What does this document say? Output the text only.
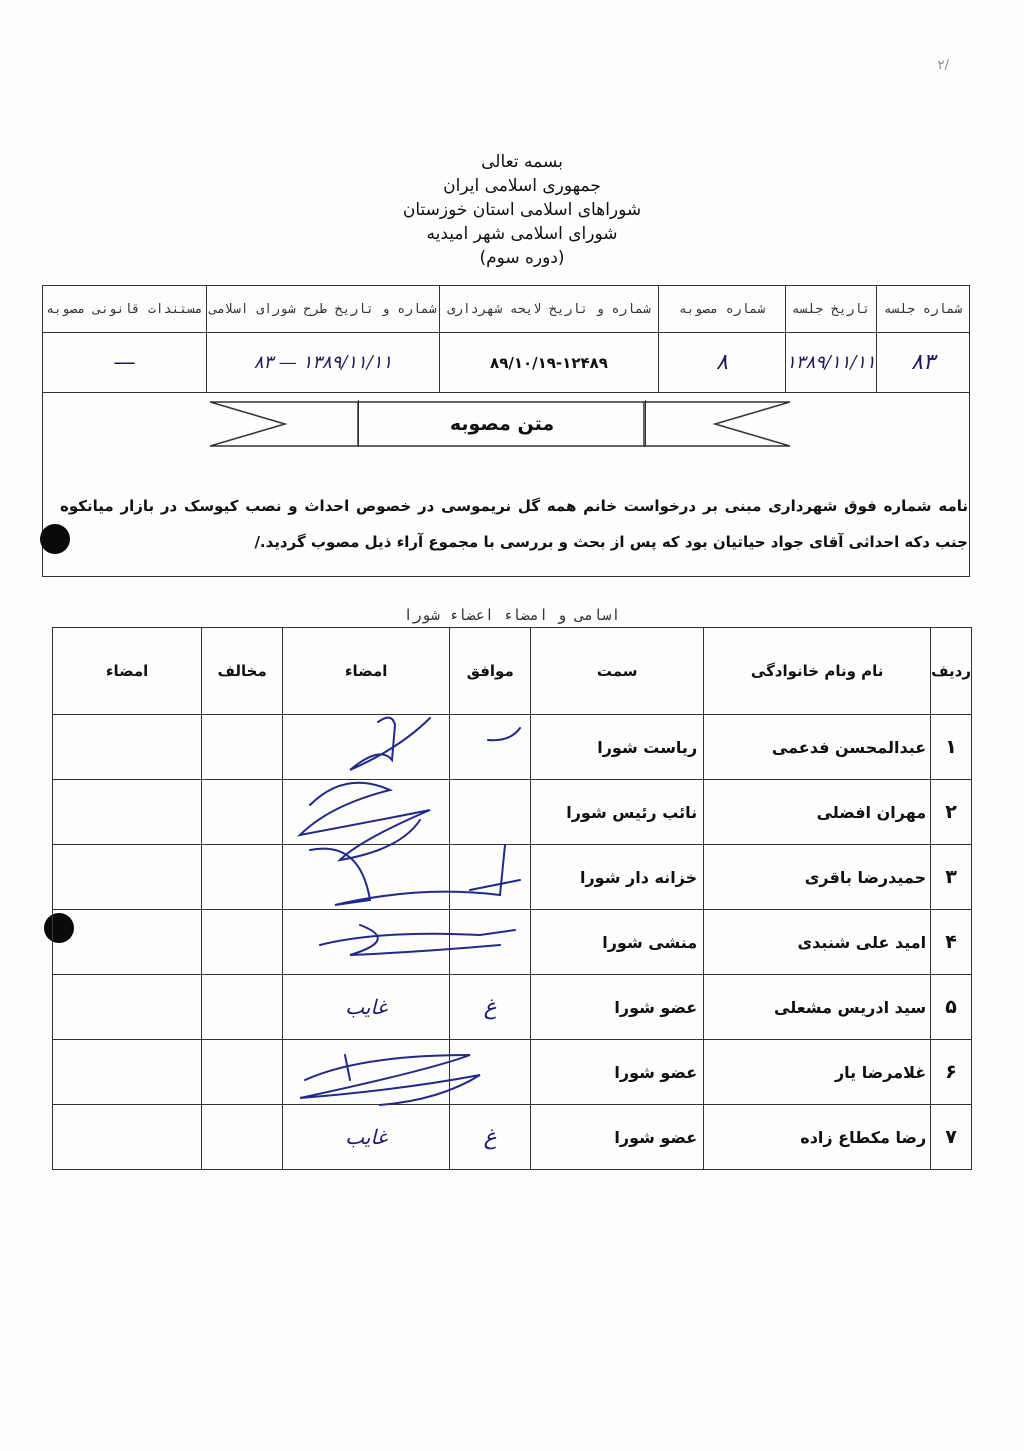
۲/
بسمه تعالی
جمهوری اسلامی ایران
شوراهای اسلامی استان خوزستان
شورای اسلامی شهر امیدیه
(دوره سوم)
شماره جلسه	تاریخ جلسه	شماره مصوبه	شماره و تاریخ لایحه شهرداری	شماره و تاریخ طرح شورای اسلامی	مستندات قانونی مصوبه
۸۳	۱۳۸۹/۱۱/۱۱	۸	۸۹/۱۰/۱۹-۱۲۴۸۹	۱۳۸۹/۱۱/۱۱ — ۸۳	—
متن مصوبه
نامه شماره فوق شهرداری مبنی بر درخواست خانم همه گل نریموسی در خصوص احداث و نصب کیوسک در بازار میانکوه جنب دکه احداثی آقای جواد حیاتیان بود که پس از بحث و بررسی با مجموع آراء ذیل مصوب گردید./
اسامی و امضاء اعضاء شورا
ردیف	نام ونام خانوادگی	سمت	موافق	امضاء	مخالف	امضاء
۱	عبدالمحسن فدعمی	ریاست شورا				
۲	مهران افضلی	نائب رئیس شورا				
۳	حمیدرضا باقری	خزانه دار شورا				
۴	امید علی شنبدی	منشی شورا				
۵	سید ادریس مشعلی	عضو شورا	غ	غایب		
۶	غلامرضا یار	عضو شورا				
۷	رضا مکطاع زاده	عضو شورا	غ	غایب		
